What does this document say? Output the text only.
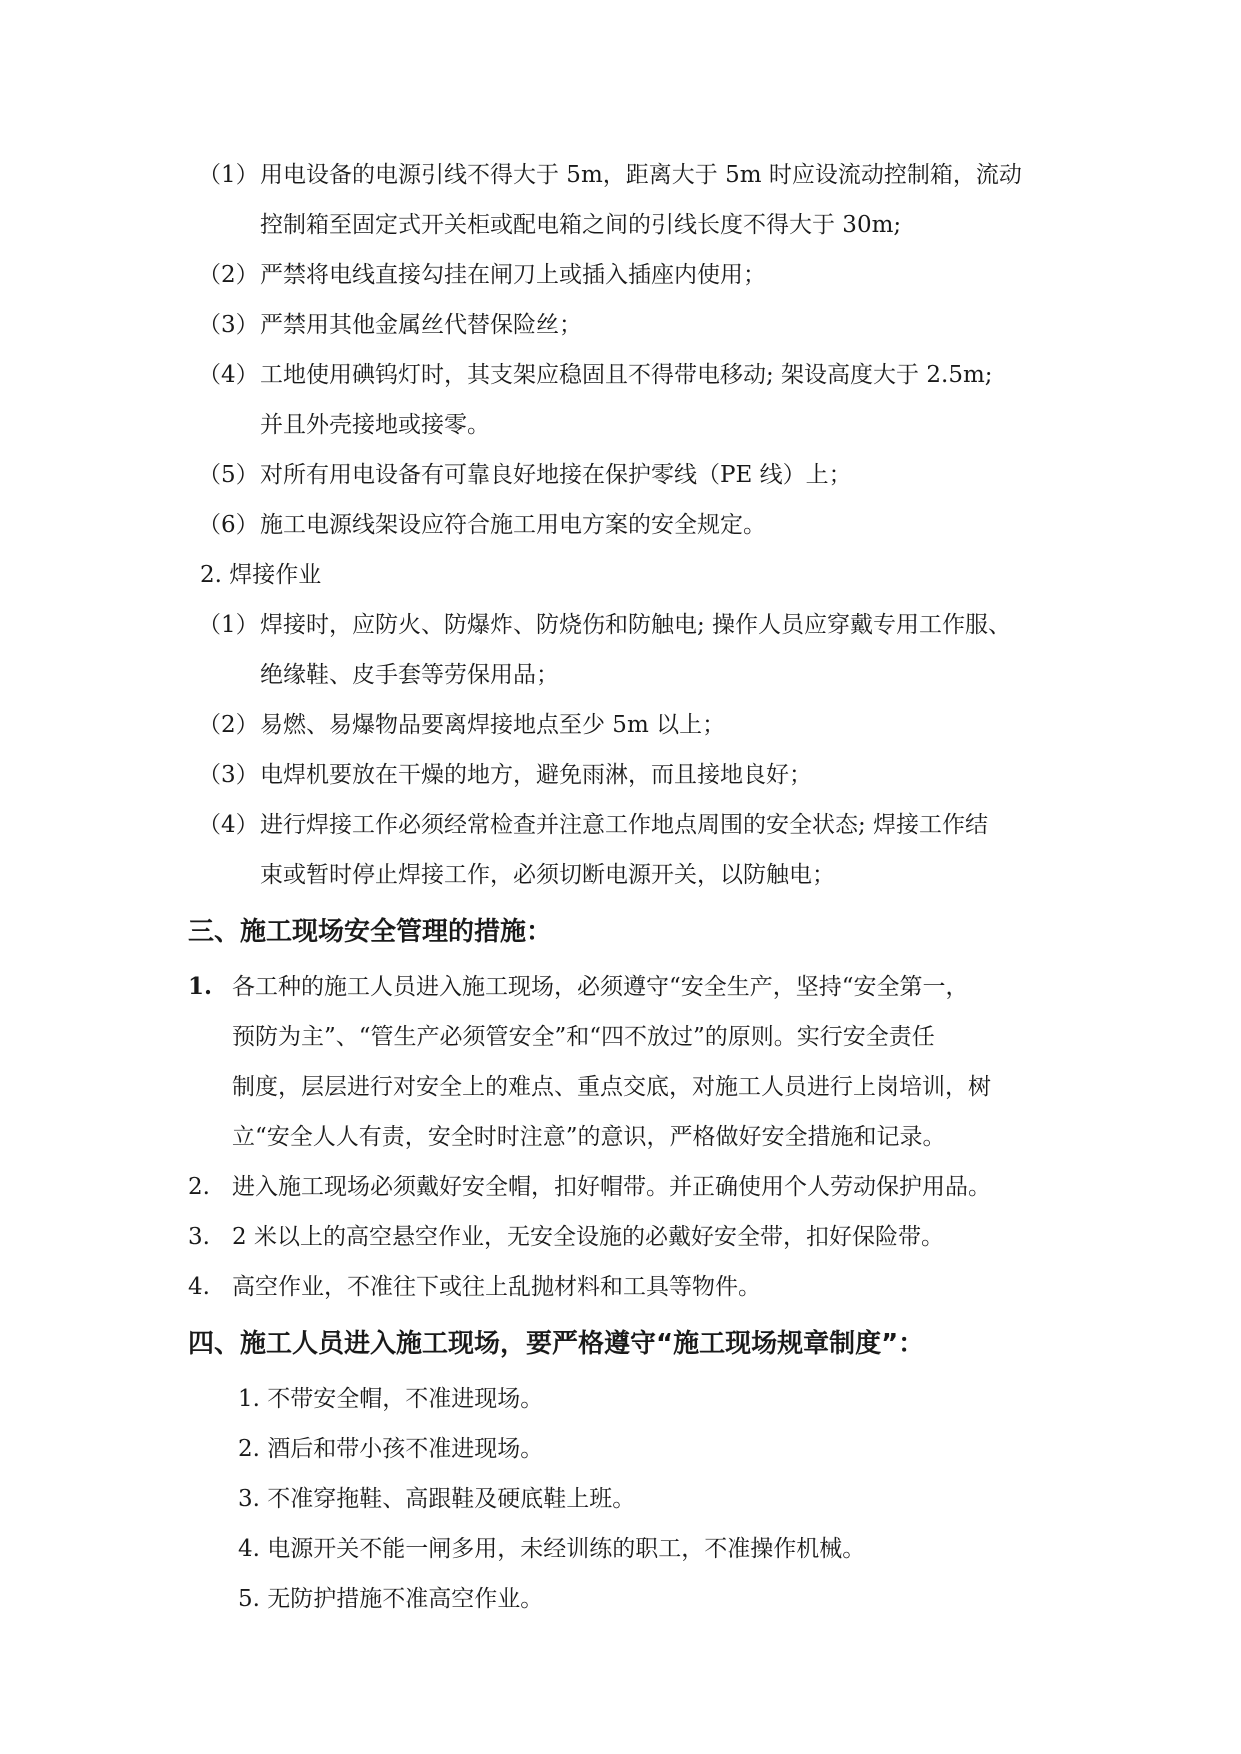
（1） 用电设备的电源引线不得大于 5m，距离大于 5m 时应设流动控制箱，流动
控制箱至固定式开关柜或配电箱之间的引线长度不得大于 30m;
（2） 严禁将电线直接勾挂在闸刀上或插入插座内使用；
（3） 严禁用其他金属丝代替保险丝；
（4） 工地使用碘钨灯时，其支架应稳固且不得带电移动; 架设高度大于 2.5m;
并且外壳接地或接零。
（5） 对所有用电设备有可靠良好地接在保护零线（PE 线）上；
（6） 施工电源线架设应符合施工用电方案的安全规定。
2. 焊接作业
（1） 焊接时，应防火、防爆炸、防烧伤和防触电; 操作人员应穿戴专用工作服、
绝缘鞋、皮手套等劳保用品；
（2） 易燃、易爆物品要离焊接地点至少 5m 以上；
（3） 电焊机要放在干燥的地方，避免雨淋，而且接地良好；
（4） 进行焊接工作必须经常检查并注意工作地点周围的安全状态; 焊接工作结
束或暂时停止焊接工作，必须切断电源开关，以防触电；
三、施工现场安全管理的措施：
1. 各工种的施工人员进入施工现场，必须遵守“安全生产，坚持“安全第一，
预防为主”、“管生产必须管安全”和“四不放过”的原则。实行安全责任
制度，层层进行对安全上的难点、重点交底，对施工人员进行上岗培训，树
立“安全人人有责，安全时时注意”的意识，严格做好安全措施和记录。
2. 进入施工现场必须戴好安全帽，扣好帽带。并正确使用个人劳动保护用品。
3. 2 米以上的高空悬空作业，无安全设施的必戴好安全带，扣好保险带。
4. 高空作业，不准往下或往上乱抛材料和工具等物件。
四、施工人员进入施工现场，要严格遵守“施工现场规章制度”：
1. 不带安全帽，不准进现场。
2. 酒后和带小孩不准进现场。
3. 不准穿拖鞋、高跟鞋及硬底鞋上班。
4. 电源开关不能一闸多用，未经训练的职工，不准操作机械。
5. 无防护措施不准高空作业。
